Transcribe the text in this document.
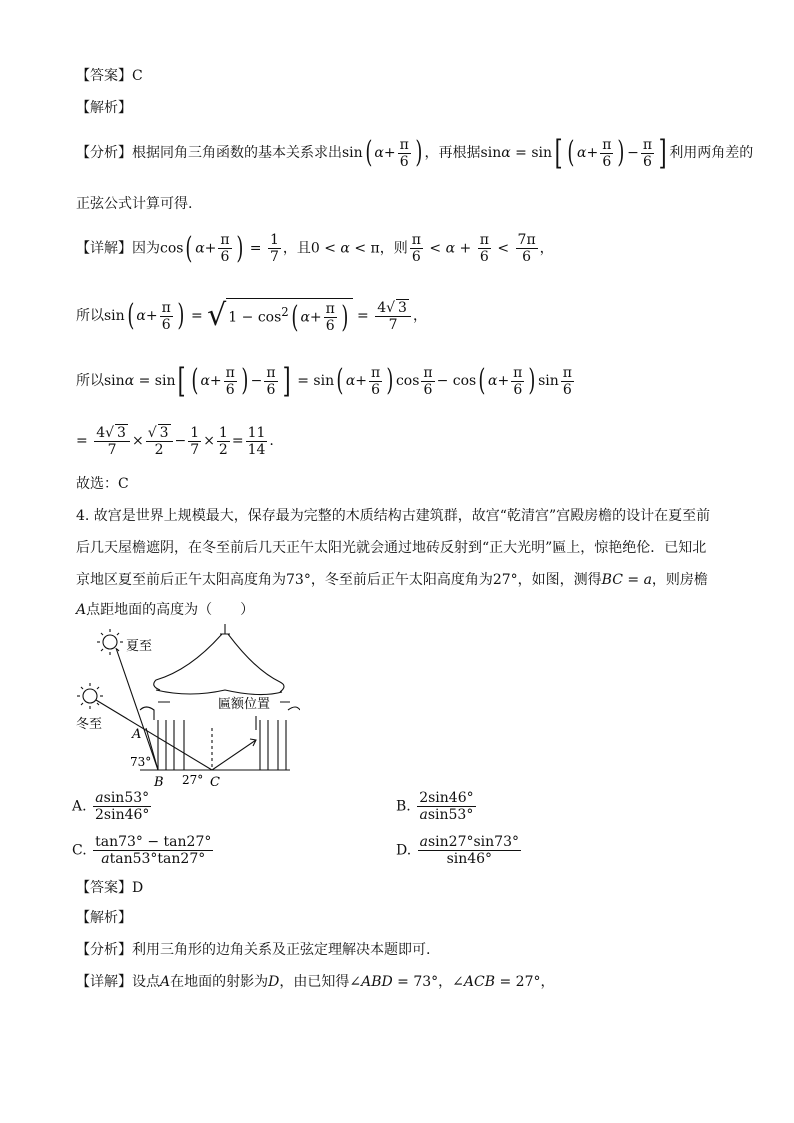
【答案】C
【解析】
【分析】根据同角三角函数的基本关系求出sin( $\alpha+ \frac{\pi}{6}$ ) ，再根据sinα = sin[ ( $\alpha+ \frac{\pi}{6}$ ) − $\frac{\pi}{6}$ ] 利用两角差的
正弦公式计算可得.
【详解】因为cos( $\alpha+ \frac{\pi}{6}$ ) = $\frac{1}{7}$ ，且0 < α < π，则 $\frac{\pi}{6} < \alpha + \frac{\pi}{6} < \frac{7\pi}{6}$ ，
所以sin( $\alpha+ \frac{\pi}{6}$ ) = √ $1 - \cos^2$( $\alpha+ \frac{\pi}{6}$ ) = $\frac{4√ 3}{7}$ ，
所以sinα = sin[ ( $\alpha+ \frac{\pi}{6}$ ) − $\frac{\pi}{6}$ ] = sin( $\alpha+ \frac{\pi}{6}$ ) $\cos \frac{\pi}{6} - \cos$( $\alpha+ \frac{\pi}{6}$ ) $\sin \frac{\pi}{6}$
= $\frac{4√ 3}{7} \times \frac{√ 3}{2} - \frac{1}{7} \times \frac{1}{2} = \frac{11}{14}$ .
故选：C
4. 故宫是世界上规模最大，保存最为完整的木质结构古建筑群，故宫“乾清宫”宫殿房檐的设计在夏至前
后几天屋檐遮阴，在冬至前后几天正午太阳光就会通过地砖反射到“正大光明”匾上，惊艳绝伦．已知北
京地区夏至前后正午太阳高度角为73°，冬至前后正午太阳高度角为27°，如图，测得BC = a，则房檐
A点距地面的高度为（　　）
夏至
冬至
匾额位置
A
B	C
73°
27°
A. $\frac{asin53^\circ}{2\sin 46^\circ}$	B. $\frac{2\sin 46^\circ}{asin53^\circ}$
C. $\frac{\tan 73^\circ - \tan 27^\circ}{atan53^\circ\tan 27^\circ}$	D. $\frac{asin27^\circ\sin 73^\circ}{\sin 46^\circ}$
【答案】D
【解析】
【分析】利用三角形的边角关系及正弦定理解决本题即可.
【详解】设点A在地面的射影为D，由已知得∠ABD = 73°，∠ACB = 27°，
